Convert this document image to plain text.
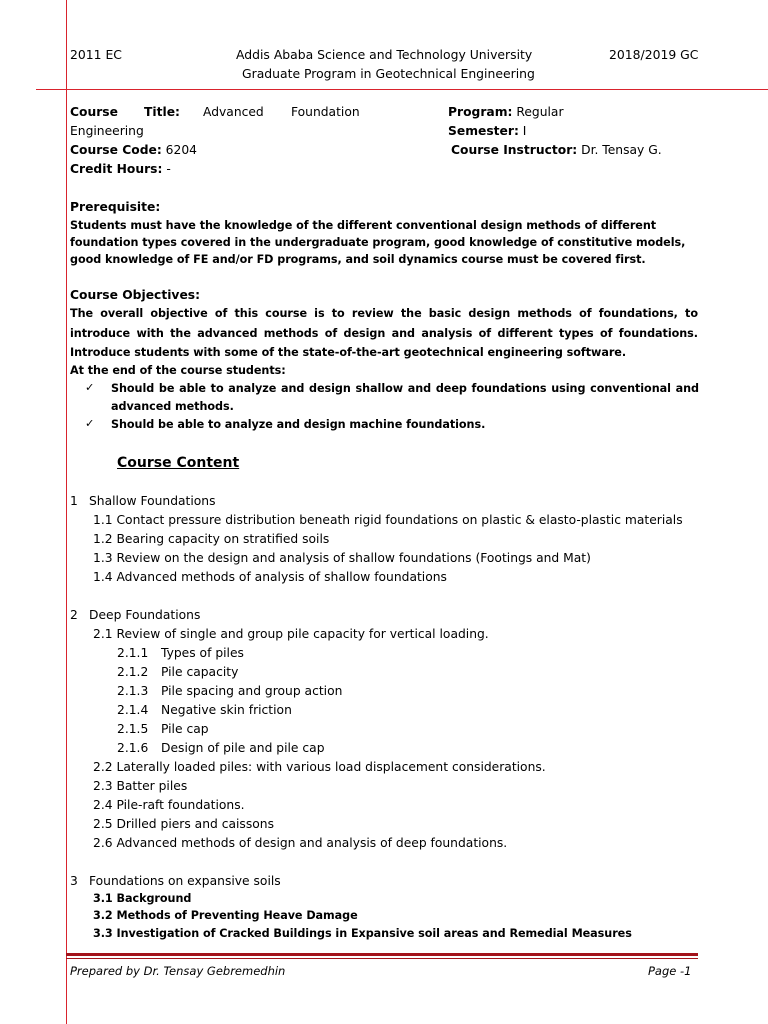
2011 EC	Addis Ababa Science and Technology University
Graduate Program in Geotechnical Engineering
2018/2019 GC
Course Title: Advanced Foundation
Engineering
Course Code: 6204
Credit Hours: -
Program: Regular
Semester: I
Course Instructor: Dr. Tensay G.
Prerequisite:
Students must have the knowledge of the different conventional design methods of different foundation types covered in the undergraduate program, good knowledge of constitutive models, good knowledge of FE and/or FD programs, and soil dynamics course must be covered first.
Course Objectives:
The overall objective of this course is to review the basic design methods of foundations, to introduce with the advanced methods of design and analysis of different types of foundations. Introduce students with some of the state-of-the-art geotechnical engineering software.
At the end of the course students:
✓ Should be able to analyze and design shallow and deep foundations using conventional and advanced methods.
✓ Should be able to analyze and design machine foundations.
Course Content
1 Shallow Foundations
1.1 Contact pressure distribution beneath rigid foundations on plastic & elasto-plastic materials
1.2 Bearing capacity on stratified soils
1.3 Review on the design and analysis of shallow foundations (Footings and Mat)
1.4 Advanced methods of analysis of shallow foundations
2 Deep Foundations
2.1 Review of single and group pile capacity for vertical loading.
2.1.1 Types of piles
2.1.2 Pile capacity
2.1.3 Pile spacing and group action
2.1.4 Negative skin friction
2.1.5 Pile cap
2.1.6 Design of pile and pile cap
2.2 Laterally loaded piles: with various load displacement considerations.
2.3 Batter piles
2.4 Pile-raft foundations.
2.5 Drilled piers and caissons
2.6 Advanced methods of design and analysis of deep foundations.
3 Foundations on expansive soils
3.1 Background
3.2 Methods of Preventing Heave Damage
3.3 Investigation of Cracked Buildings in Expansive soil areas and Remedial Measures
Prepared by Dr. Tensay Gebremedhin	Page -1
